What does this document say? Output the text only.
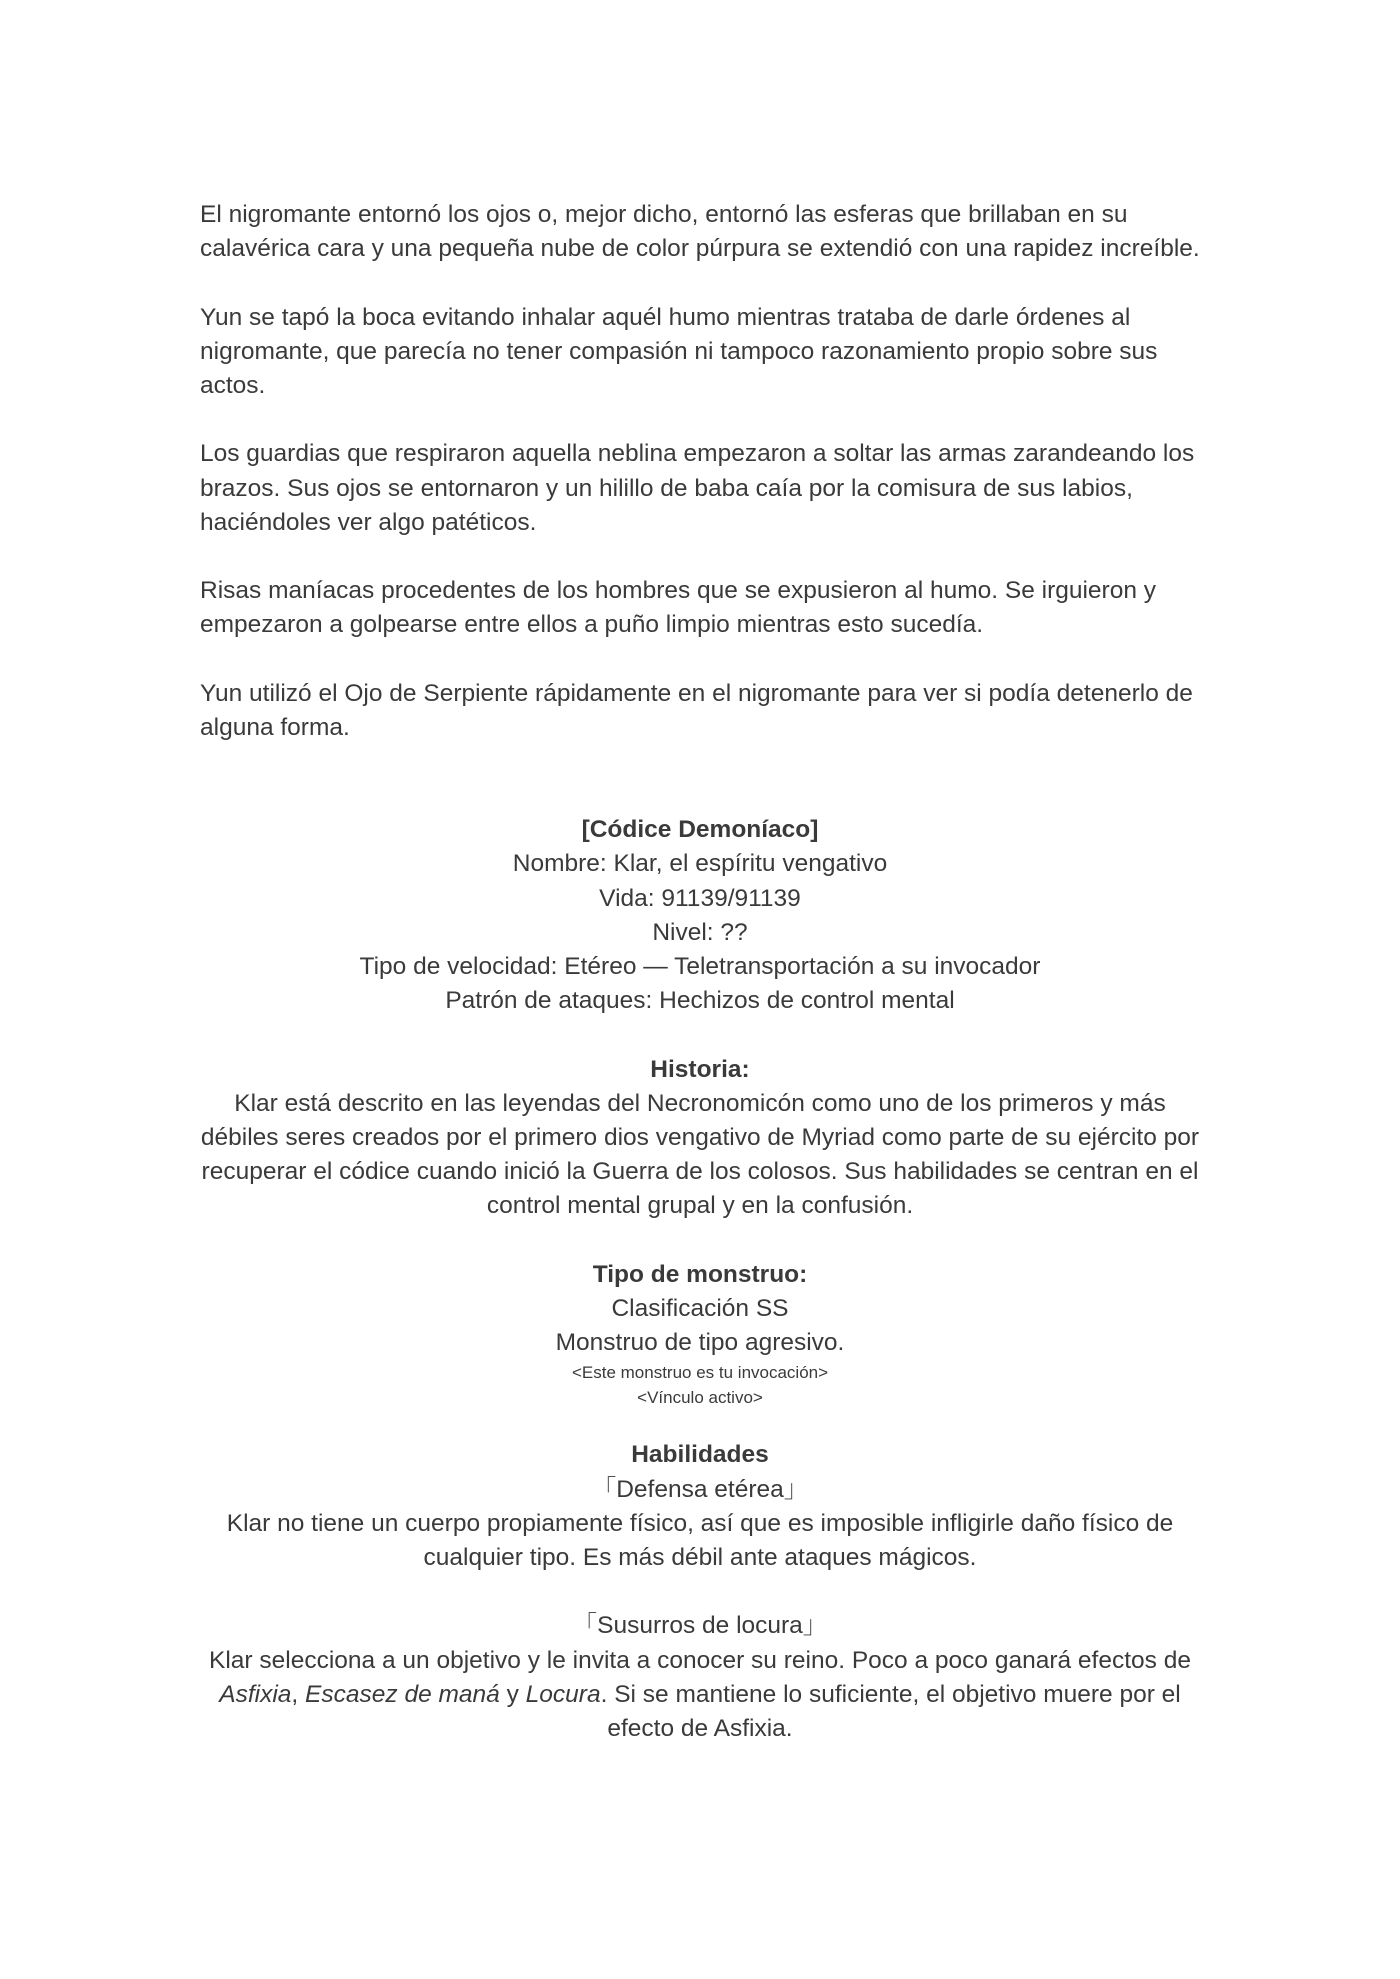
El nigromante entornó los ojos o, mejor dicho, entornó las esferas que brillaban en su calavérica cara y una pequeña nube de color púrpura se extendió con una rapidez increíble.

Yun se tapó la boca evitando inhalar aquél humo mientras trataba de darle órdenes al nigromante, que parecía no tener compasión ni tampoco razonamiento propio sobre sus actos.

Los guardias que respiraron aquella neblina empezaron a soltar las armas zarandeando los brazos. Sus ojos se entornaron y un hilillo de baba caía por la comisura de sus labios, haciéndoles ver algo patéticos.

Risas maníacas procedentes de los hombres que se expusieron al humo. Se irguieron y empezaron a golpearse entre ellos a puño limpio mientras esto sucedía.

Yun utilizó el Ojo de Serpiente rápidamente en el nigromante para ver si podía detenerlo de alguna forma.

[Códice Demoníaco]
Nombre: Klar, el espíritu vengativo
Vida: 91139/91139
Nivel: ??
Tipo de velocidad: Etéreo — Teletransportación a su invocador
Patrón de ataques: Hechizos de control mental
Historia:
Klar está descrito en las leyendas del Necronomicón como uno de los primeros y más débiles seres creados por el primero dios vengativo de Myriad como parte de su ejército por recuperar el códice cuando inició la Guerra de los colosos. Sus habilidades se centran en el control mental grupal y en la confusión.
Tipo de monstruo:
Clasificación SS
Monstruo de tipo agresivo.
<Este monstruo es tu invocación>
<Vínculo activo>
Habilidades
「Defensa etérea」
Klar no tiene un cuerpo propiamente físico, así que es imposible infligirle daño físico de cualquier tipo. Es más débil ante ataques mágicos.
「Susurros de locura」
Klar selecciona a un objetivo y le invita a conocer su reino. Poco a poco ganará efectos de Asfixia, Escasez de maná y Locura. Si se mantiene lo suficiente, el objetivo muere por el efecto de Asfixia.
